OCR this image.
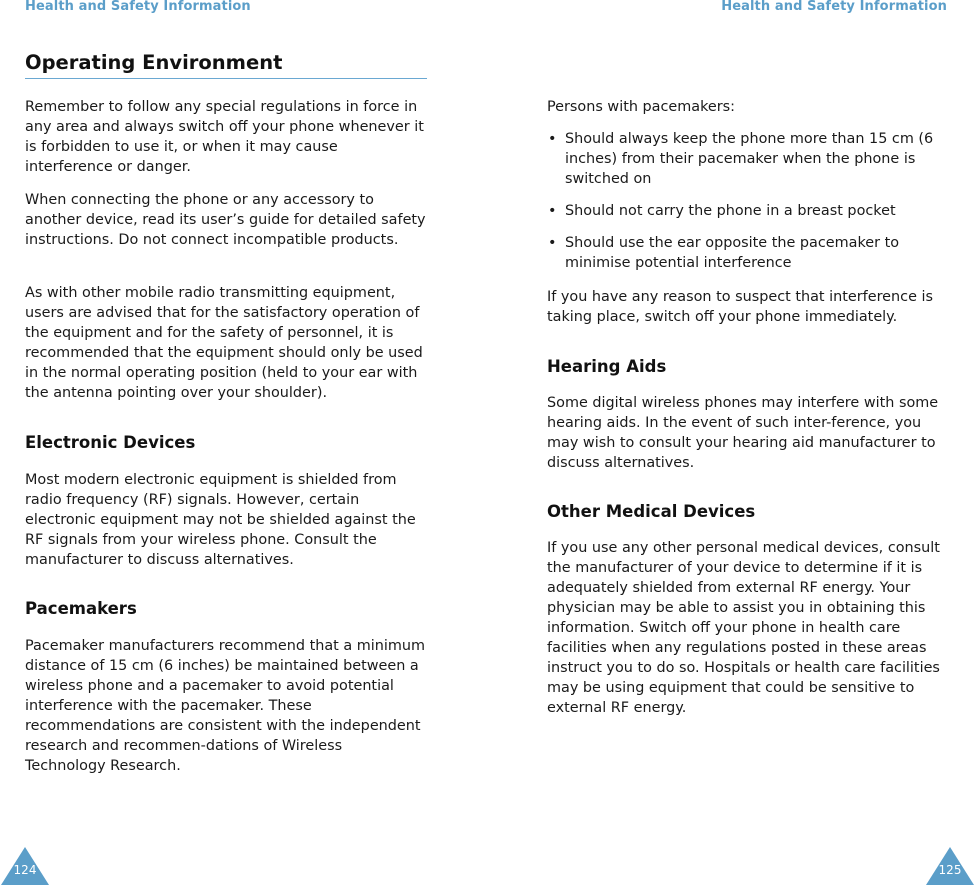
Health and Safety Information	Health and Safety Information
Operating Environment

Remember to follow any special regulations in force in any area and always switch off your phone whenever it is forbidden to use it, or when it may cause interference or danger.

When connecting the phone or any accessory to another device, read its user’s guide for detailed safety instructions. Do not connect incompatible products.

As with other mobile radio transmitting equipment, users are advised that for the satisfactory operation of the equipment and for the safety of personnel, it is recommended that the equipment should only be used in the normal operating position (held to your ear with the antenna pointing over your shoulder).

Electronic Devices

Most modern electronic equipment is shielded from radio frequency (RF) signals. However, certain electronic equipment may not be shielded against the RF signals from your wireless phone. Consult the manufacturer to discuss alternatives.

Pacemakers

Pacemaker manufacturers recommend that a minimum distance of 15 cm (6 inches) be maintained between a wireless phone and a pacemaker to avoid potential interference with the pacemaker. These recommendations are consistent with the independent research and recommen-dations of Wireless Technology Research.

Persons with pacemakers:

• Should always keep the phone more than 15 cm (6 inches) from their pacemaker when the phone is switched on
• Should not carry the phone in a breast pocket
• Should use the ear opposite the pacemaker to minimise potential interference

If you have any reason to suspect that interference is taking place, switch off your phone immediately.

Hearing Aids

Some digital wireless phones may interfere with some hearing aids. In the event of such inter-ference, you may wish to consult your hearing aid manufacturer to discuss alternatives.

Other Medical Devices

If you use any other personal medical devices, consult the manufacturer of your device to determine if it is adequately shielded from external RF energy. Your physician may be able to assist you in obtaining this information. Switch off your phone in health care facilities when any regulations posted in these areas instruct you to do so. Hospitals or health care facilities may be using equipment that could be sensitive to external RF energy.

124	125
